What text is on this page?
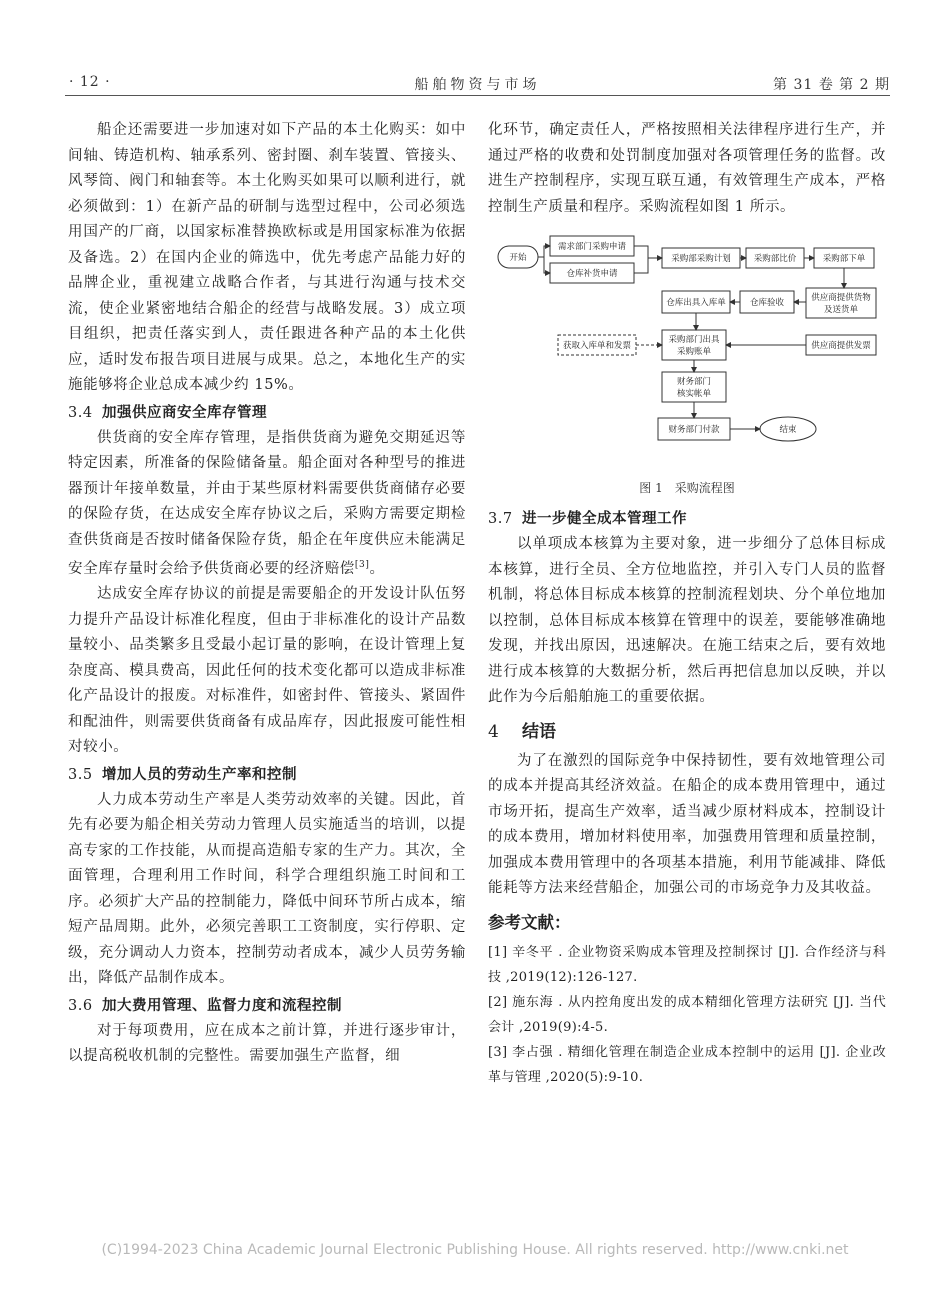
· 12 ·	船舶物资与市场	第 31 卷 第 2 期

船企还需要进一步加速对如下产品的本土化购买：如中间轴、铸造机构、轴承系列、密封圈、刹车装置、管接头、风琴筒、阀门和轴套等。本土化购买如果可以顺利进行，就必须做到：1）在新产品的研制与选型过程中，公司必须选用国产的厂商，以国家标准替换欧标或是用国家标准为依据及备选。2）在国内企业的筛选中，优先考虑产品能力好的品牌企业，重视建立战略合作者，与其进行沟通与技术交流，使企业紧密地结合船企的经营与战略发展。3）成立项目组织，把责任落实到人，责任跟进各种产品的本土化供应，适时发布报告项目进展与成果。总之，本地化生产的实施能够将企业总成本减少约 15%。

3.4 加强供应商安全库存管理

供货商的安全库存管理，是指供货商为避免交期延迟等特定因素，所准备的保险储备量。船企面对各种型号的推进器预计年接单数量，并由于某些原材料需要供货商储存必要的保险存货，在达成安全库存协议之后，采购方需要定期检查供货商是否按时储备保险存货，船企在年度供应未能满足安全库存量时会给予供货商必要的经济赔偿[3]。

达成安全库存协议的前提是需要船企的开发设计队伍努力提升产品设计标准化程度，但由于非标准化的设计产品数量较小、品类繁多且受最小起订量的影响，在设计管理上复杂度高、模具费高，因此任何的技术变化都可以造成非标准化产品设计的报废。对标准件，如密封件、管接头、紧固件和配油件，则需要供货商备有成品库存，因此报废可能性相对较小。

3.5 增加人员的劳动生产率和控制

人力成本劳动生产率是人类劳动效率的关键。因此，首先有必要为船企相关劳动力管理人员实施适当的培训，以提高专家的工作技能，从而提高造船专家的生产力。其次，全面管理，合理利用工作时间，科学合理组织施工时间和工序。必须扩大产品的控制能力，降低中间环节所占成本，缩短产品周期。此外，必须完善职工工资制度，实行停职、定级，充分调动人力资本，控制劳动者成本，减少人员劳务输出，降低产品制作成本。

3.6 加大费用管理、监督力度和流程控制

对于每项费用，应在成本之前计算，并进行逐步审计，以提高税收机制的完整性。需要加强生产监督，细

化环节，确定责任人，严格按照相关法律程序进行生产，并通过严格的收费和处罚制度加强对各项管理任务的监督。改进生产控制程序，实现互联互通，有效管理生产成本，严格控制生产质量和程序。采购流程如图 1 所示。

开始
需求部门采购申请
仓库补货申请
采购部采购计划	采购部比价	采购部下单
供应商提供货物
及送货单
仓库验收
仓库出具入库单
采购部门出具
采购账单
获取入库单和发票	供应商提供发票
财务部门
核实帐单
财务部门付款	结束
图 1　采购流程图
3.7 进一步健全成本管理工作

以单项成本核算为主要对象，进一步细分了总体目标成本核算，进行全员、全方位地监控，并引入专门人员的监督机制，将总体目标成本核算的控制流程划块、分个单位地加以控制，总体目标成本核算在管理中的误差，要能够准确地发现，并找出原因，迅速解决。在施工结束之后，要有效地进行成本核算的大数据分析，然后再把信息加以反映，并以此作为今后船舶施工的重要依据。

4 结语

为了在激烈的国际竞争中保持韧性，要有效地管理公司的成本并提高其经济效益。在船企的成本费用管理中，通过市场开拓，提高生产效率，适当减少原材料成本，控制设计的成本费用，增加材料使用率，加强费用管理和质量控制，加强成本费用管理中的各项基本措施，利用节能减排、降低能耗等方法来经营船企，加强公司的市场竞争力及其收益。

参考文献：

[1] 辛冬平 . 企业物资采购成本管理及控制探讨 [J]. 合作经济与科技 ,2019(12):126-127.

[2] 施东海 . 从内控角度出发的成本精细化管理方法研究 [J]. 当代会计 ,2019(9):4-5.

[3] 李占强 . 精细化管理在制造企业成本控制中的运用 [J]. 企业改革与管理 ,2020(5):9-10.

(C)1994-2023 China Academic Journal Electronic Publishing House. All rights reserved. http://www.cnki.net
